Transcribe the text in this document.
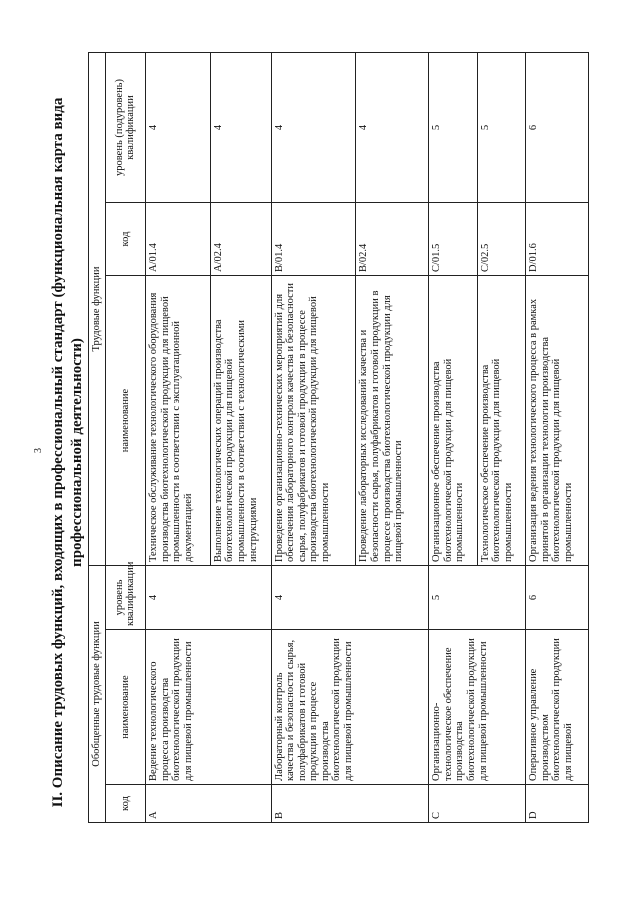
3 II. Описание трудовых функций, входящих в профессиональный стандарт (функциональная карта вида профессиональной деятельности)
Обобщенные трудовые функции			Трудовые функции		
код	наименование	уровень квалификации	наименование	код	уровень (подуровень) квалификации
A	Ведение технологического процесса производства биотехнологической продукции для пищевой промышленности	4	Техническое обслуживание технологического оборудования производства биотехнологической продукции для пищевой промышленности в соответствии с эксплуатационной документацией	A/01.4	4
			Выполнение технологических операций производства биотехнологической продукции для пищевой промышленности в соответствии с технологическими инструкциями	A/02.4	4
B	Лабораторный контроль качества и безопасности сырья, полуфабрикатов и готовой продукции в процессе производства биотехнологической продукции для пищевой промышленности	4	Проведение организационно-технических мероприятий для обеспечения лабораторного контроля качества и безопасности сырья, полуфабрикатов и готовой продукции в процессе производства биотехнологической продукции для пищевой промышленности	B/01.4	4
			Проведение лабораторных исследований качества и безопасности сырья, полуфабрикатов и готовой продукции в процессе производства биотехнологической продукции для пищевой промышленности	B/02.4	4
C	Организационно-технологическое обеспечение производства биотехнологической продукции для пищевой промышленности	5	Организационное обеспечение производства биотехнологической продукции для пищевой промышленности	C/01.5	5
			Технологическое обеспечение производства биотехнологической продукции для пищевой промышленности	C/02.5	5
D	Оперативное управление производством биотехнологической продукции для пищевой	6	Организация ведения технологического процесса в рамках принятой в организации технологии производства биотехнологической продукции для пищевой промышленности	D/01.6	6
